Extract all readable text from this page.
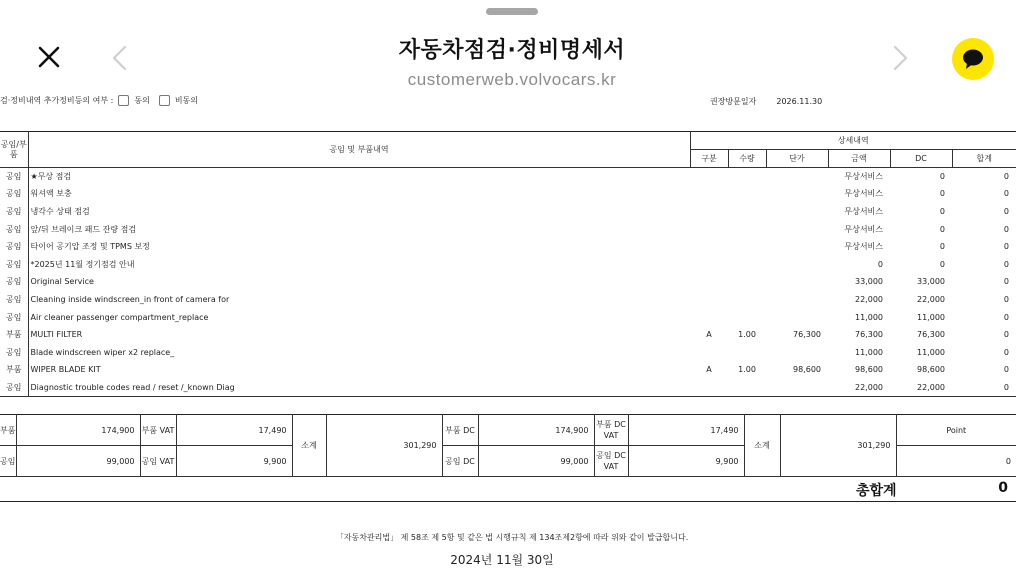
자동차점검·정비명세서
customerweb.volvocars.kr
검·정비내역 추가정비등의 여부 :	동의	비동의	권장방문일자	2026.11.30
공임/부품	공임 및 부품내역	상세내역					
		구분	수량	단가	금액	DC	합계
공임	★무상 점검				무상서비스	0	0
공임	워셔액 보충				무상서비스	0	0
공임	냉각수 상태 점검				무상서비스	0	0
공임	앞/뒤 브레이크 패드 잔량 점검				무상서비스	0	0
공임	타이어 공기압 조정 및 TPMS 보정				무상서비스	0	0
공임	*2025년 11월 정기점검 안내				0	0	0
공임	Original Service				33,000	33,000	0
공임	Cleaning inside windscreen_in front of camera for				22,000	22,000	0
공임	Air cleaner passenger compartment_replace				11,000	11,000	0
부품	MULTI FILTER	A	1.00	76,300	76,300	76,300	0
공임	Blade windscreen wiper x2 replace_				11,000	11,000	0
부품	WIPER BLADE KIT	A	1.00	98,600	98,600	98,600	0
공임	Diagnostic trouble codes read / reset /_known Diag				22,000	22,000	0
부품	174,900	부품 VAT	17,490	소계	301,290	부품 DC	174,900	부품 DC VAT	17,490	소계	301,290	Point
공임	99,000	공임 VAT	9,900			공임 DC	99,000	공임 DC VAT	9,900			0
총합계	0
「자동차관리법」 제 58조 제 5항 및 같은 법 시행규칙 제 134조제2항에 따라 위와 같이 발급합니다.
2024년 11월 30일
